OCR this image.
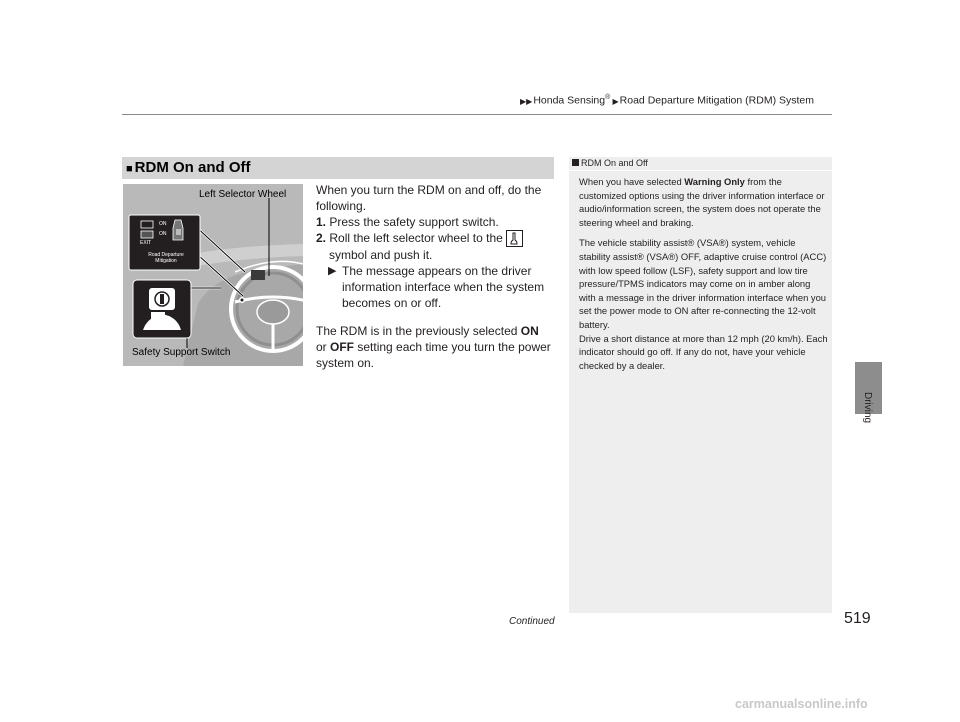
▶▶Honda Sensing® ▶Road Departure Mitigation (RDM) System
Driving
■ RDM On and Off
ON
ON
EXIT
Road Departure
Mitigation
Left Selector Wheel
Safety Support Switch

When you turn the RDM on and off, do the following.

1. Press the safety support switch.

2. Roll the left selector wheel to the

symbol and push it.

▶ The message appears on the driver information interface when the system becomes on or off.

The RDM is in the previously selected ON or OFF setting each time you turn the power system on.

RDM On and Off

When you have selected Warning Only from the customized options using the driver information interface or audio/information screen, the system does not operate the steering wheel and braking.

The vehicle stability assist® (VSA®) system, vehicle stability assist® (VSA®) OFF, adaptive cruise control (ACC) with low speed follow (LSF), safety support and low tire pressure/TPMS indicators may come on in amber along with a message in the driver information interface when you set the power mode to ON after re-connecting the 12-volt battery.

Drive a short distance at more than 12 mph (20 km/h). Each indicator should go off. If any do not, have your vehicle checked by a dealer.

Continued	519
carmanualsonline.info
